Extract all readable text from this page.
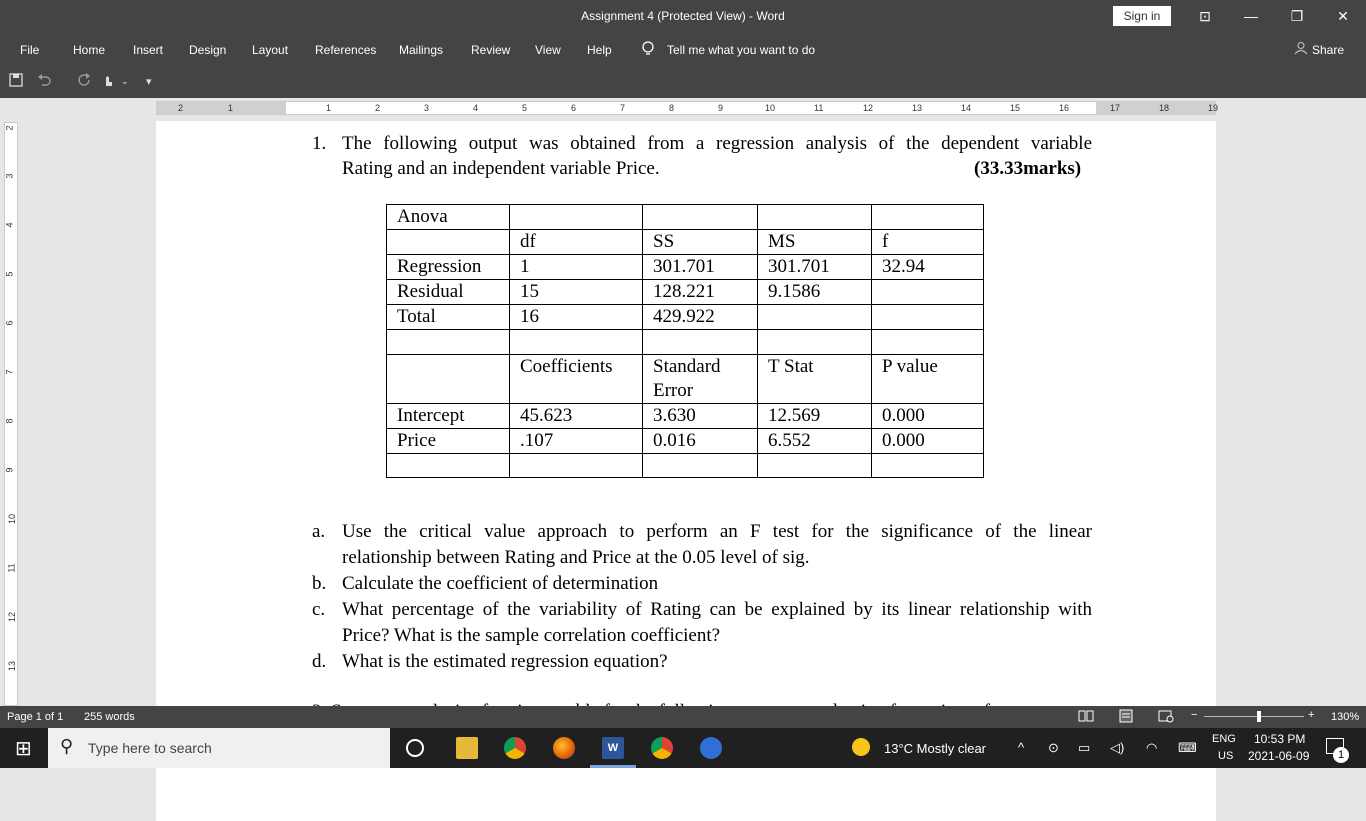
Assignment 4 (Protected View) - Word	Sign in	⊡	—	❐	✕
File	Home Insert Design Layout References Mailings Review View Help	Tell me what you want to do	Share
⌄ ▾
2	1	1	2	3	4	5	6	7	8	9	10	11	12	13	14	15	16	17	18	19
2
3
4
5
6
7
8
9
10
11
12
13
1. The following output was obtained from a regression analysis of the dependent variable
Rating and an independent variable Price.	(33.33marks)
Anova				
	df	SS	MS	f
Regression	1	301.701	301.701	32.94
Residual	15	128.221	9.1586	
Total	16	429.922		

	Coefficients	Standard Error	T Stat	P value
Intercept	45.623	3.630	12.569	0.000
Price	.107	0.016	6.552	0.000

a. Use the critical value approach to perform an F test for the significance of the linear
relationship between Rating and Price at the 0.05 level of sig.
b. Calculate the coefficient of determination
c. What percentage of the variability of Rating can be explained by its linear relationship with
Price? What is the sample correlation coefficient?
d. What is the estimated regression equation?
Page 1 of 1 255 words	−	+ 130%
⊞ ⚲ Type here to search	W	13°C Mostly clear ^ ⊙ ▭ ◁) ◠ ⌨
ENG
US
10:53 PM
2021-06-09	1
